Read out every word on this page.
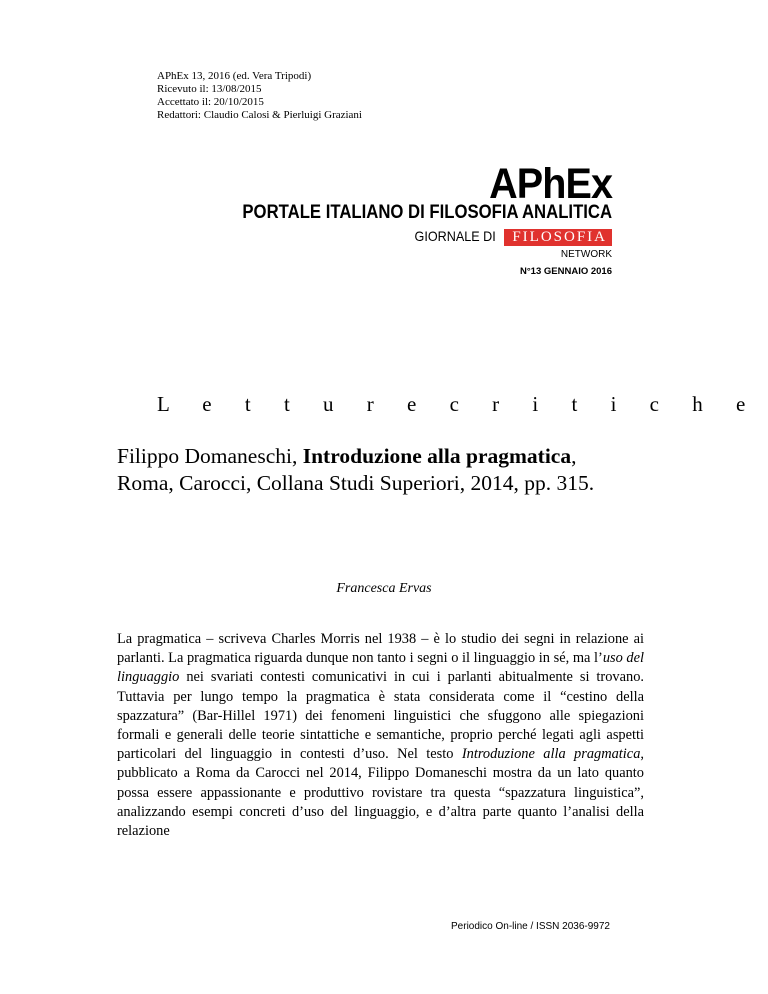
APhEx 13, 2016 (ed. Vera Tripodi)
Ricevuto il: 13/08/2015
Accettato il: 20/10/2015
Redattori: Claudio Calosi & Pierluigi Graziani
APhEx
PORTALE ITALIANO DI FILOSOFIA ANALITICA
GIORNALE DI FILOSOFIA
NETWORK
N°13 GENNAIO 2016
L e t t u r e c r i t i c h e
Filippo Domaneschi, Introduzione alla pragmatica, Roma, Carocci, Collana Studi Superiori, 2014, pp. 315.
Francesca Ervas
La pragmatica – scriveva Charles Morris nel 1938 – è lo studio dei segni in relazione ai parlanti. La pragmatica riguarda dunque non tanto i segni o il linguaggio in sé, ma l’uso del linguaggio nei svariati contesti comunicativi in cui i parlanti abitualmente si trovano. Tuttavia per lungo tempo la pragmatica è stata considerata come il “cestino della spazzatura” (Bar-Hillel 1971) dei fenomeni linguistici che sfuggono alle spiegazioni formali e generali delle teorie sintattiche e semantiche, proprio perché legati agli aspetti particolari del linguaggio in contesti d’uso. Nel testo Introduzione alla pragmatica, pubblicato a Roma da Carocci nel 2014, Filippo Domaneschi mostra da un lato quanto possa essere appassionante e produttivo rovistare tra questa “spazzatura linguistica”, analizzando esempi concreti d’uso del linguaggio, e d’altra parte quanto l’analisi della relazione
Periodico On-line / ISSN 2036-9972
